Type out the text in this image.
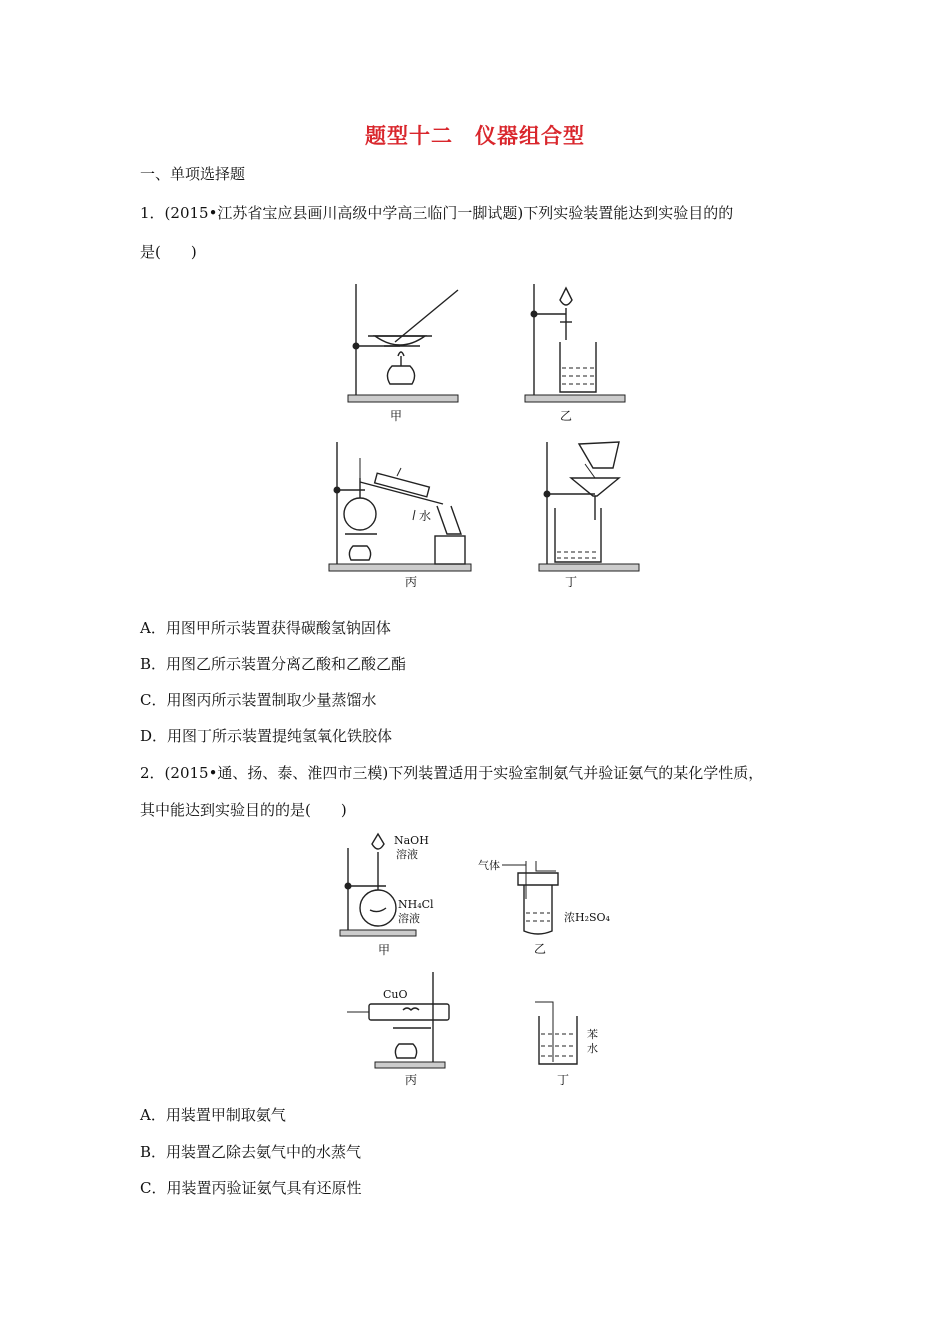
题型十二　仪器组合型
一、单项选择题
1．(2015•江苏省宝应县画川高级中学高三临门一脚试题)下列实验装置能达到实验目的的
是(　　)
甲	乙
水
丙	丁
A．用图甲所示装置获得碳酸氢钠固体
B．用图乙所示装置分离乙酸和乙酸乙酯
C．用图丙所示装置制取少量蒸馏水
D．用图丁所示装置提纯氢氧化铁胶体
2．(2015•通、扬、泰、淮四市三模)下列装置适用于实验室制氨气并验证氨气的某化学性质，
其中能达到实验目的的是(　　)
NaOH
溶液
NH₄Cl
溶液
甲
气体
浓H₂SO₄
乙
CuO
丙
苯
水
丁
A．用装置甲制取氨气
B．用装置乙除去氨气中的水蒸气
C．用装置丙验证氨气具有还原性
